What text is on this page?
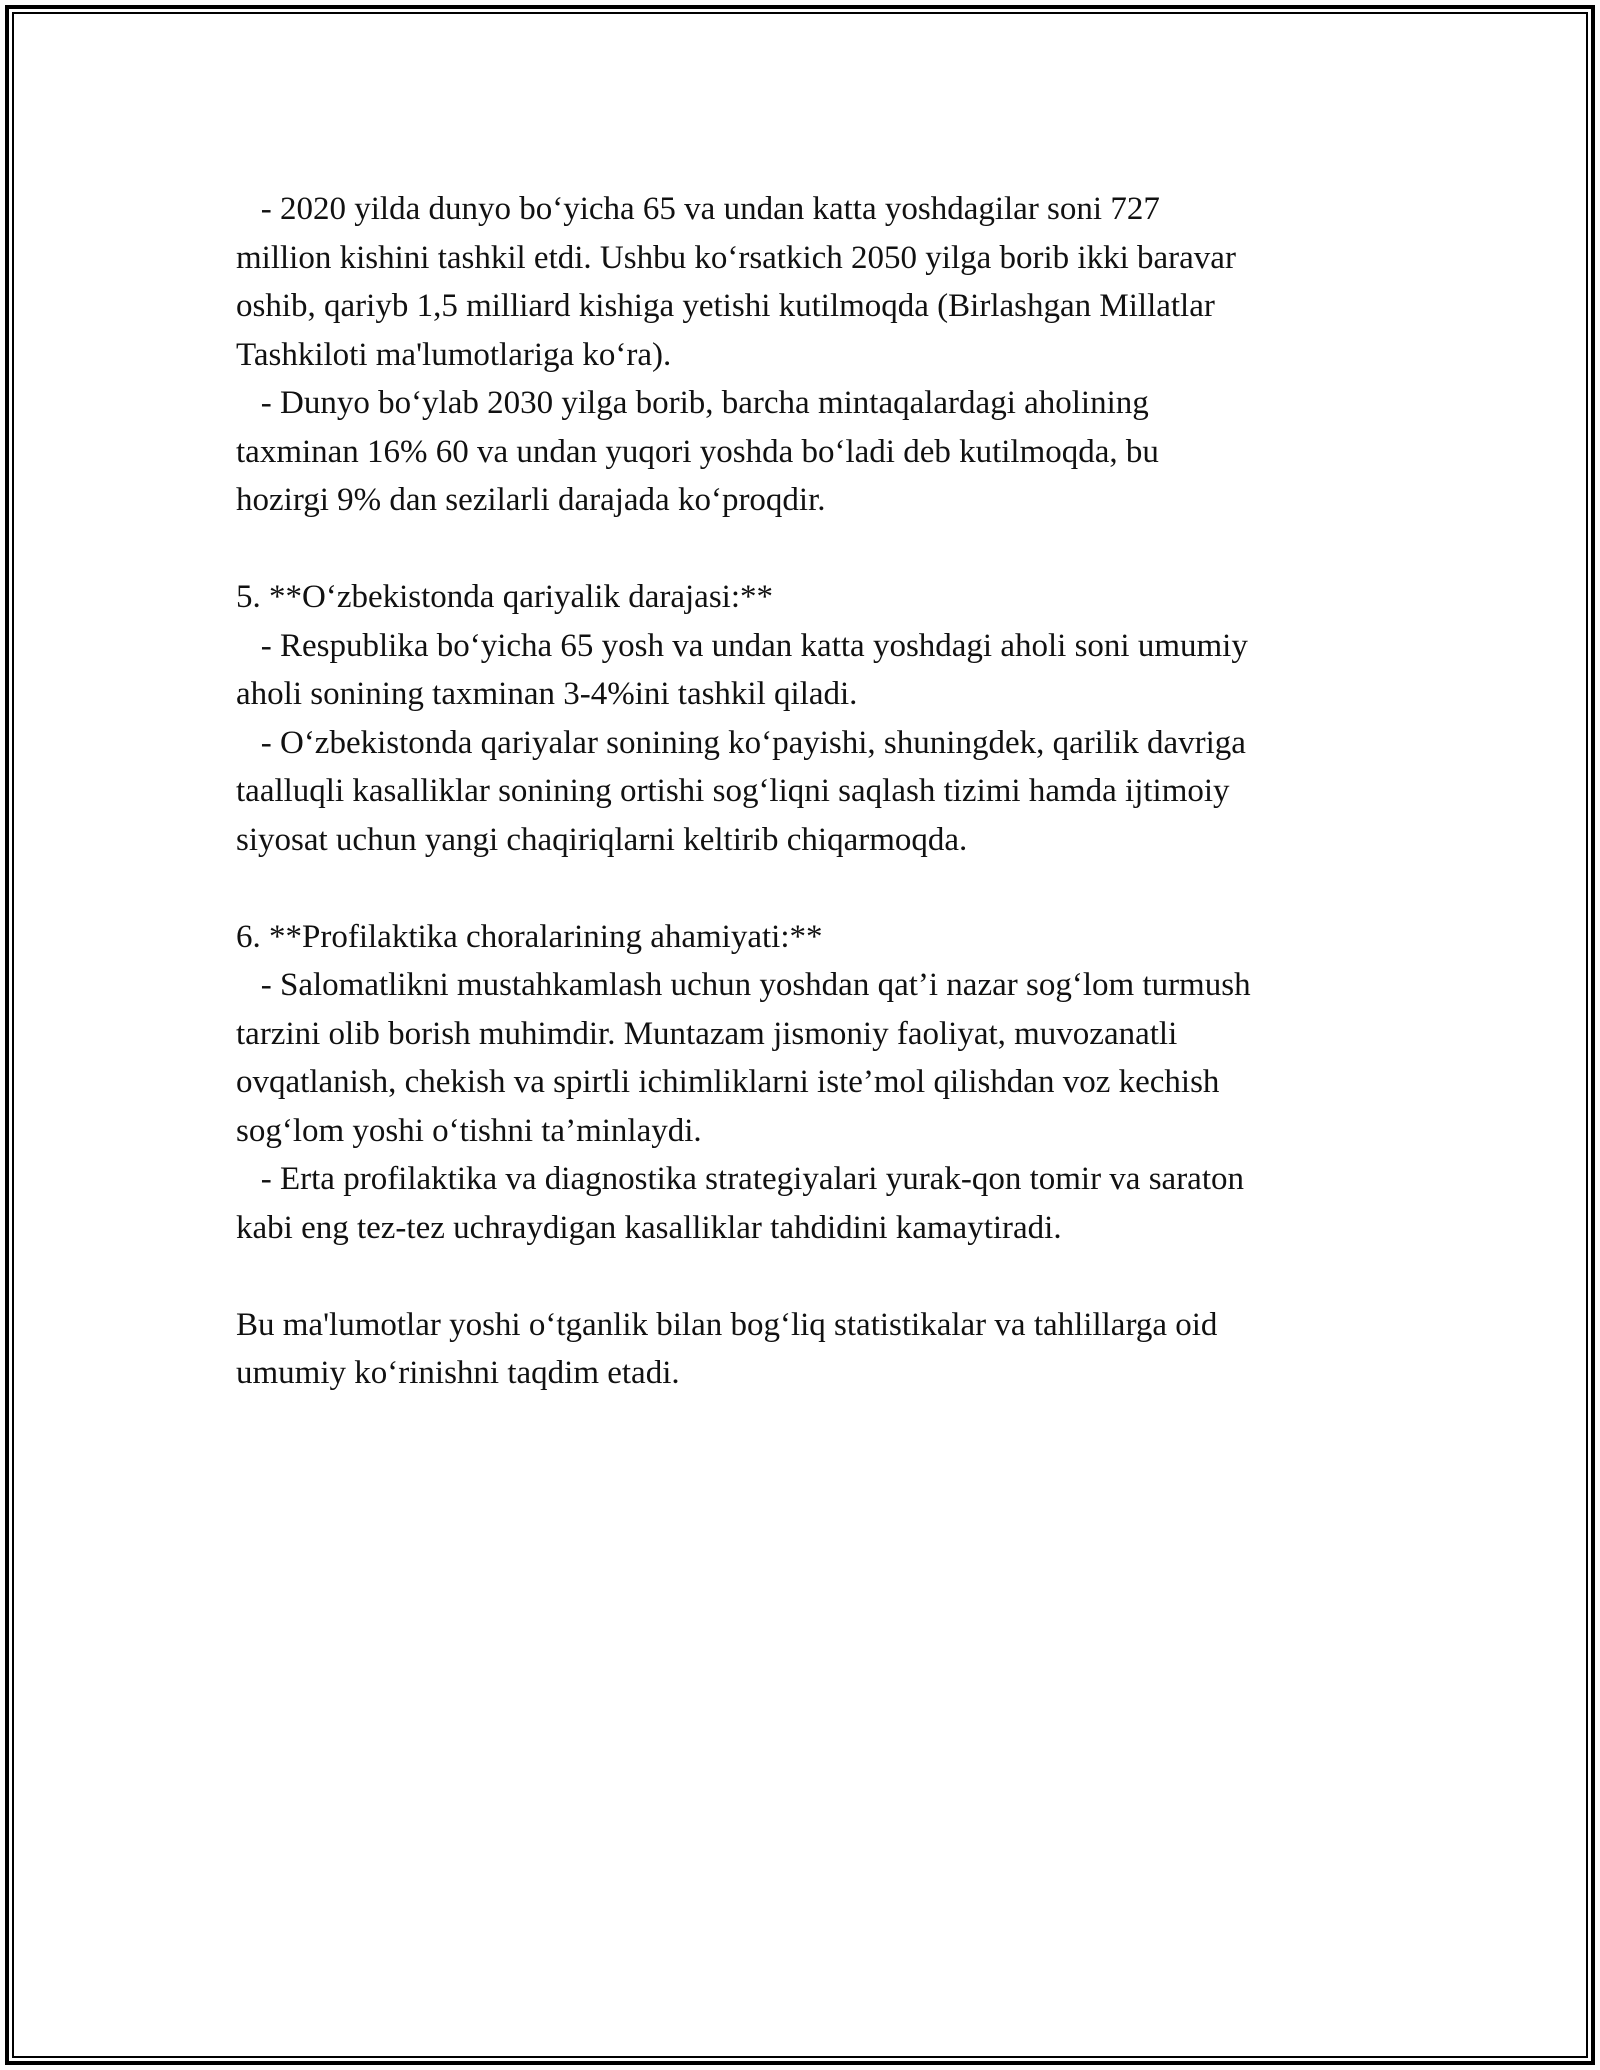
- 2020 yilda dunyo bo‘yicha 65 va undan katta yoshdagilar soni 727
million kishini tashkil etdi. Ushbu ko‘rsatkich 2050 yilga borib ikki baravar
oshib, qariyb 1,5 milliard kishiga yetishi kutilmoqda (Birlashgan Millatlar
Tashkiloti ma'lumotlariga ko‘ra).
- Dunyo bo‘ylab 2030 yilga borib, barcha mintaqalardagi aholining
taxminan 16% 60 va undan yuqori yoshda bo‘ladi deb kutilmoqda, bu
hozirgi 9% dan sezilarli darajada ko‘proqdir.
5. **O‘zbekistonda qariyalik darajasi:**
- Respublika bo‘yicha 65 yosh va undan katta yoshdagi aholi soni umumiy
aholi sonining taxminan 3-4%ini tashkil qiladi.
- O‘zbekistonda qariyalar sonining ko‘payishi, shuningdek, qarilik davriga
taalluqli kasalliklar sonining ortishi sog‘liqni saqlash tizimi hamda ijtimoiy
siyosat uchun yangi chaqiriqlarni keltirib chiqarmoqda.
6. **Profilaktika choralarining ahamiyati:**
- Salomatlikni mustahkamlash uchun yoshdan qat’i nazar sog‘lom turmush
tarzini olib borish muhimdir. Muntazam jismoniy faoliyat, muvozanatli
ovqatlanish, chekish va spirtli ichimliklarni iste’mol qilishdan voz kechish
sog‘lom yoshi o‘tishni ta’minlaydi.
- Erta profilaktika va diagnostika strategiyalari yurak-qon tomir va saraton
kabi eng tez-tez uchraydigan kasalliklar tahdidini kamaytiradi.
Bu ma'lumotlar yoshi o‘tganlik bilan bog‘liq statistikalar va tahlillarga oid
umumiy ko‘rinishni taqdim etadi.
